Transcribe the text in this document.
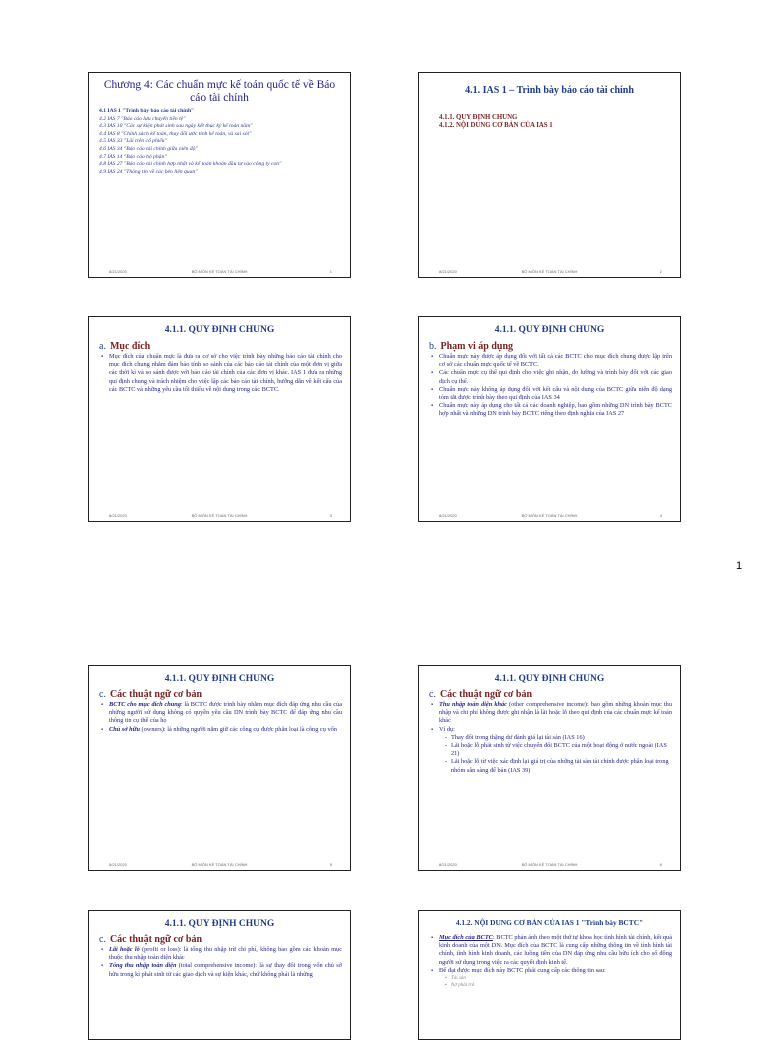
Chương 4: Các chuẩn mực kế toán quốc tế về Báo cáo tài chính
4.1 IAS 1 "Trình bày báo cáo tài chính"
4.2 IAS 7 "Báo cáo lưu chuyển tiền tệ"
4.3 IAS 10 "Các sự kiện phát sinh sau ngày kết thúc kỳ kế toán năm"
4.4 IAS 8 "Chính sách kế toán, thay đổi ước tính kế toán, và sai sót"
4.5 IAS 33 "Lãi trên cổ phiếu"
4.6 IAS 34 "Báo cáo tài chính giữa niên độ"
4.7 IAS 14 "Báo cáo bộ phận"
4.8 IAS 27 "Báo cáo tài chính hợp nhất và kế toán khoản đầu tư vào công ty con"
4.9 IAS 24 "Thông tin về các bên liên quan"
8/21/2020	BỘ MÔN KẾ TOÁN TÀI CHÍNH	1
4.1. IAS 1 – Trình bày báo cáo tài chính
4.1.1. QUY ĐỊNH CHUNG
4.1.2. NỘI DUNG CƠ BẢN CỦA IAS 1
8/21/2020	BỘ MÔN KẾ TOÁN TÀI CHÍNH	2
4.1.1. QUY ĐỊNH CHUNG
a. Mục đích
▪ Mục đích của chuẩn mực là đưa ra cơ sở cho việc trình bày những báo cáo tài chính cho mục đích chung nhằm đảm bảo tính so sánh của các báo cáo tài chính của một đơn vị giữa các thời kì và so sánh được với báo cáo tài chính của các đơn vị khác. IAS 1 đưa ra những qui định chung và trách nhiệm cho việc lập các báo cáo tài chính, hướng dẫn về kết cấu của các BCTC và những yêu cầu tối thiểu về nội dung trong các BCTC.
8/21/2020	BỘ MÔN KẾ TOÁN TÀI CHÍNH	3
4.1.1. QUY ĐỊNH CHUNG
b. Phạm vi áp dụng
▪ Chuẩn mực này được áp dụng đối với tất cả các BCTC cho mục đích chung được lập trên cơ sở các chuẩn mực quốc tế về BCTC.
▪ Các chuẩn mực cụ thể qui định cho việc ghi nhận, đo lường và trình bày đối với các giao dịch cụ thể.
▪ Chuẩn mực này không áp dụng đối với kết cấu và nội dung của BCTC giữa niên độ dạng tóm tắt được trình bày theo qui định của IAS 34
▪ Chuẩn mực này áp dụng cho tất cả các doanh nghiệp, bao gồm những DN trình bày BCTC hợp nhất và những DN trình bày BCTC riêng theo định nghĩa của IAS 27
8/21/2020	BỘ MÔN KẾ TOÁN TÀI CHÍNH	4
1
4.1.1. QUY ĐỊNH CHUNG
c. Các thuật ngữ cơ bản
▪ BCTC cho mục đích chung: là BCTC được trình bày nhằm mục đích đáp ứng nhu cầu của những người sử dụng không có quyền yêu cầu DN trình bày BCTC để đáp ứng nhu cầu thông tin cụ thể của họ
▪ Chủ sở hữu (owners): là những người nắm giữ các công cụ được phân loại là công cụ vốn
8/21/2020	BỘ MÔN KẾ TOÁN TÀI CHÍNH	5
4.1.1. QUY ĐỊNH CHUNG
c. Các thuật ngữ cơ bản
▪ Thu nhập toàn diện khác (other comprehensive income): bao gồm những khoản mục thu nhập và chi phí không được ghi nhận là lãi hoặc lỗ theo qui định của các chuẩn mực kế toán khác
▪ Ví dụ:
- Thay đổi trong thặng dư đánh giá lại tài sản (IAS 16)
- Lãi hoặc lỗ phát sinh từ việc chuyển đổi BCTC của một hoạt động ở nước ngoài (IAS 21)
- Lãi hoặc lỗ từ việc xác định lại giá trị của những tài sản tài chính được phân loại trong nhóm sẵn sàng để bán (IAS 39)
8/21/2020	BỘ MÔN KẾ TOÁN TÀI CHÍNH	6
4.1.1. QUY ĐỊNH CHUNG
c. Các thuật ngữ cơ bản
▪ Lãi hoặc lỗ (profit or loss): là tổng thu nhập trừ chi phí, không bao gồm các khoản mục thuộc thu nhập toàn diện khác
▪ Tổng thu nhập toàn diện (total comprehensive income): là sự thay đổi trong vốn chủ sở hữu trong kì phát sinh từ các giao dịch và sự kiện khác, chứ không phải là những
4.1.2. NỘI DUNG CƠ BẢN CỦA IAS 1 "Trình bày BCTC"
▪ Mục đích của BCTC: BCTC phản ánh theo một thứ tự khoa học tình hình tài chính, kết quả kinh doanh của một DN. Mục đích của BCTC là cung cấp những thông tin về tình hình tài chính, tình hình kinh doanh, các luồng tiền của DN đáp ứng nhu cầu hữu ích cho số đông người sử dụng trong việc ra các quyết định kinh tế.
▪ Để đạt được mục đích này BCTC phải cung cấp các thông tin sau:
▪ Tài sản
▪ Nợ phải trả
